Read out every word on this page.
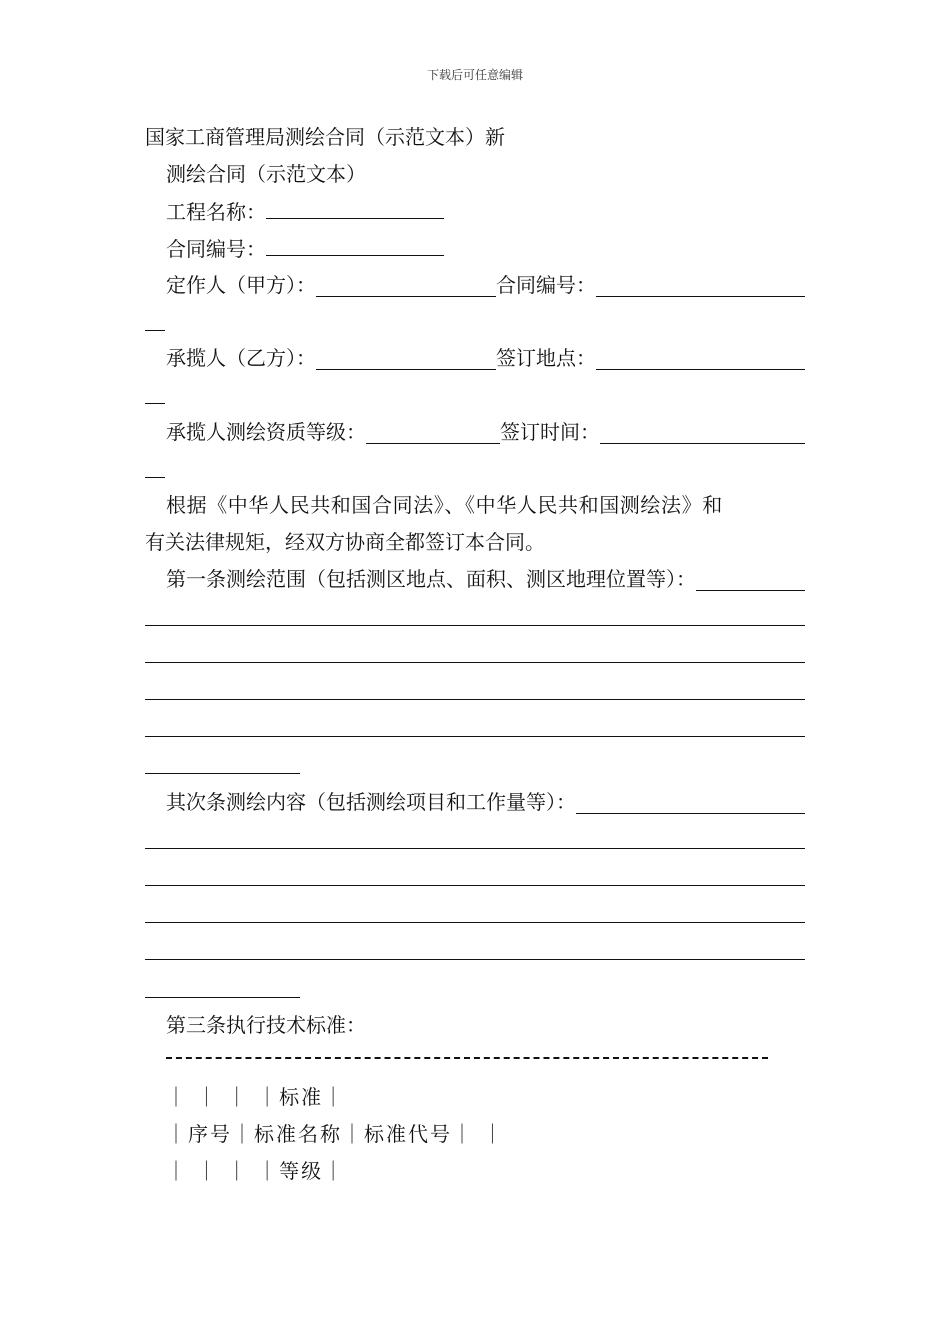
下载后可任意编辑
国家工商管理局测绘合同（示范文本）新
测绘合同（示范文本）
工程名称：
合同编号：
定作人（甲方）：	合同编号：
承揽人（乙方）：	签订地点：
承揽人测绘资质等级：	签订时间：
根据《中华人民共和国合同法》、《中华人民共和国测绘法》和
有关法律规矩，经双方协商全都签订本合同。
第一条测绘范围（包括测区地点、面积、测区地理位置等）：
其次条测绘内容（包括测绘项目和工作量等）：
第三条执行技术标准：
｜ ｜ ｜ ｜标准｜
｜序号｜标准名称｜标准代号｜ ｜
｜ ｜ ｜ ｜等级｜
